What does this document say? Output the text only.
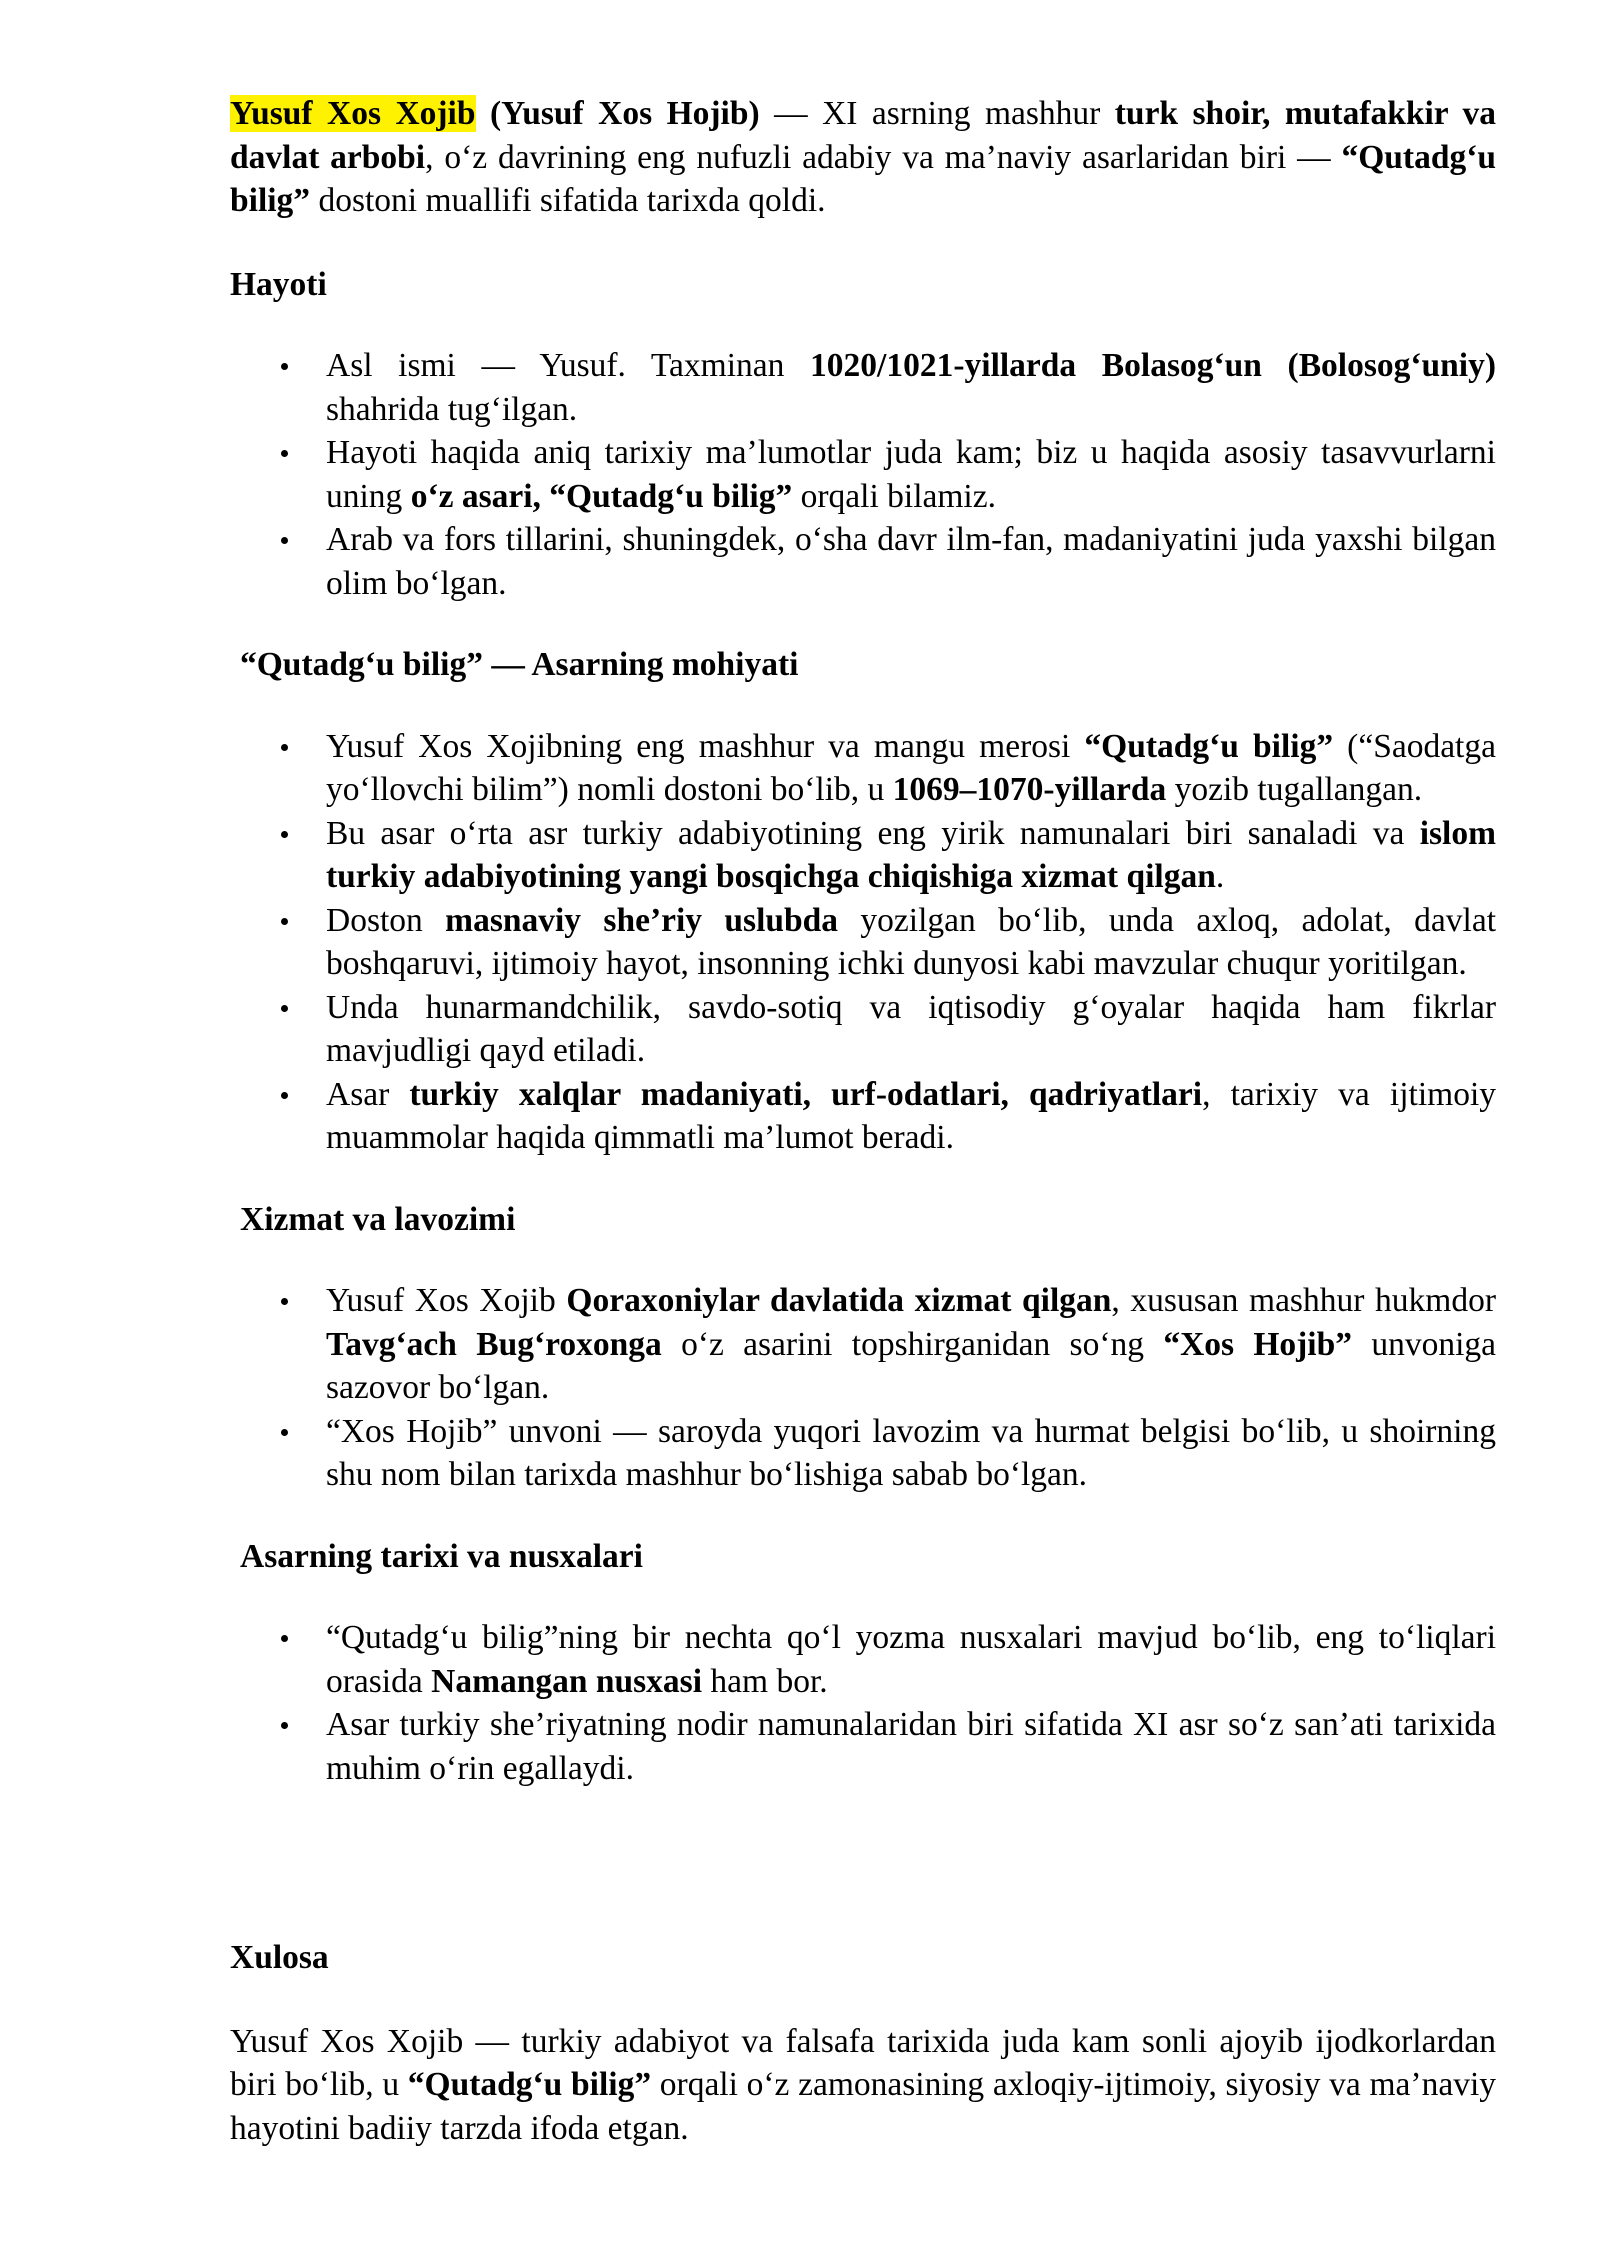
Yusuf Xos Xojib (Yusuf Xos Hojib) — XI asrning mashhur turk shoir, mutafakkir va davlat arbobi, o‘z davrining eng nufuzli adabiy va ma’naviy asarlaridan biri — “Qutadg‘u bilig” dostoni muallifi sifatida tarixda qoldi.

Hayoti
Asl ismi — Yusuf. Taxminan 1020/1021-yillarda Bolasog‘un (Bolosog‘uniy) shahrida tug‘ilgan.
Hayoti haqida aniq tarixiy ma’lumotlar juda kam; biz u haqida asosiy tasavvurlarni uning o‘z asari, “Qutadg‘u bilig” orqali bilamiz.
Arab va fors tillarini, shuningdek, o‘sha davr ilm-fan, madaniyatini juda yaxshi bilgan olim bo‘lgan.
“Qutadg‘u bilig” — Asarning mohiyati
Yusuf Xos Xojibning eng mashhur va mangu merosi “Qutadg‘u bilig” (“Saodatga yo‘llovchi bilim”) nomli dostoni bo‘lib, u 1069–1070-yillarda yozib tugallangan.
Bu asar o‘rta asr turkiy adabiyotining eng yirik namunalari biri sanaladi va islom turkiy adabiyotining yangi bosqichga chiqishiga xizmat qilgan.
Doston masnaviy she’riy uslubda yozilgan bo‘lib, unda axloq, adolat, davlat boshqaruvi, ijtimoiy hayot, insonning ichki dunyosi kabi mavzular chuqur yoritilgan.
Unda hunarmandchilik, savdo-sotiq va iqtisodiy g‘oyalar haqida ham fikrlar mavjudligi qayd etiladi.
Asar turkiy xalqlar madaniyati, urf-odatlari, qadriyatlari, tarixiy va ijtimoiy muammolar haqida qimmatli ma’lumot beradi.
Xizmat va lavozimi
Yusuf Xos Xojib Qoraxoniylar davlatida xizmat qilgan, xususan mashhur hukmdor Tavg‘ach Bug‘roxonga o‘z asarini topshirganidan so‘ng “Xos Hojib” unvoniga sazovor bo‘lgan.
“Xos Hojib” unvoni — saroyda yuqori lavozim va hurmat belgisi bo‘lib, u shoirning shu nom bilan tarixda mashhur bo‘lishiga sabab bo‘lgan.
Asarning tarixi va nusxalari
“Qutadg‘u bilig”ning bir nechta qo‘l yozma nusxalari mavjud bo‘lib, eng to‘liqlari orasida Namangan nusxasi ham bor.
Asar turkiy she’riyatning nodir namunalaridan biri sifatida XI asr so‘z san’ati tarixida muhim o‘rin egallaydi.
Xulosa

Yusuf Xos Xojib — turkiy adabiyot va falsafa tarixida juda kam sonli ajoyib ijodkorlardan biri bo‘lib, u “Qutadg‘u bilig” orqali o‘z zamonasining axloqiy-ijtimoiy, siyosiy va ma’naviy hayotini badiiy tarzda ifoda etgan.
